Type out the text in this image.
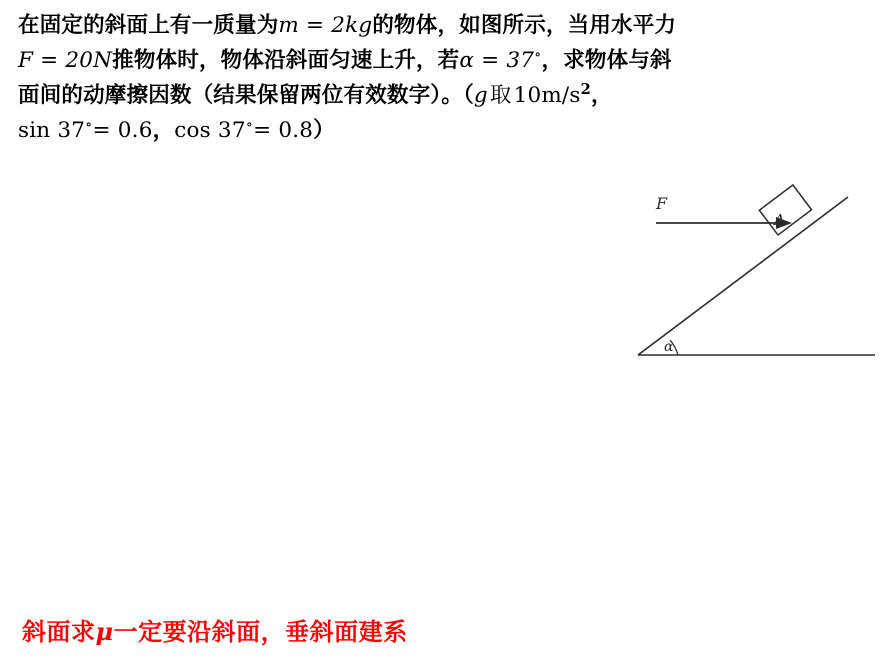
在固定的斜面上有一质量为m = 2kg的物体，如图所示，当用水平力
F = 20N推物体时，物体沿斜面匀速上升，若α = 37∘，求物体与斜
面间的动摩擦因数（结果保留两位有效数字）。（g取$10m/s^2$，
sin 37∘= 0.6，cos 37∘= 0.8）
F
A
α
斜面求μ一定要沿斜面，垂斜面建系
